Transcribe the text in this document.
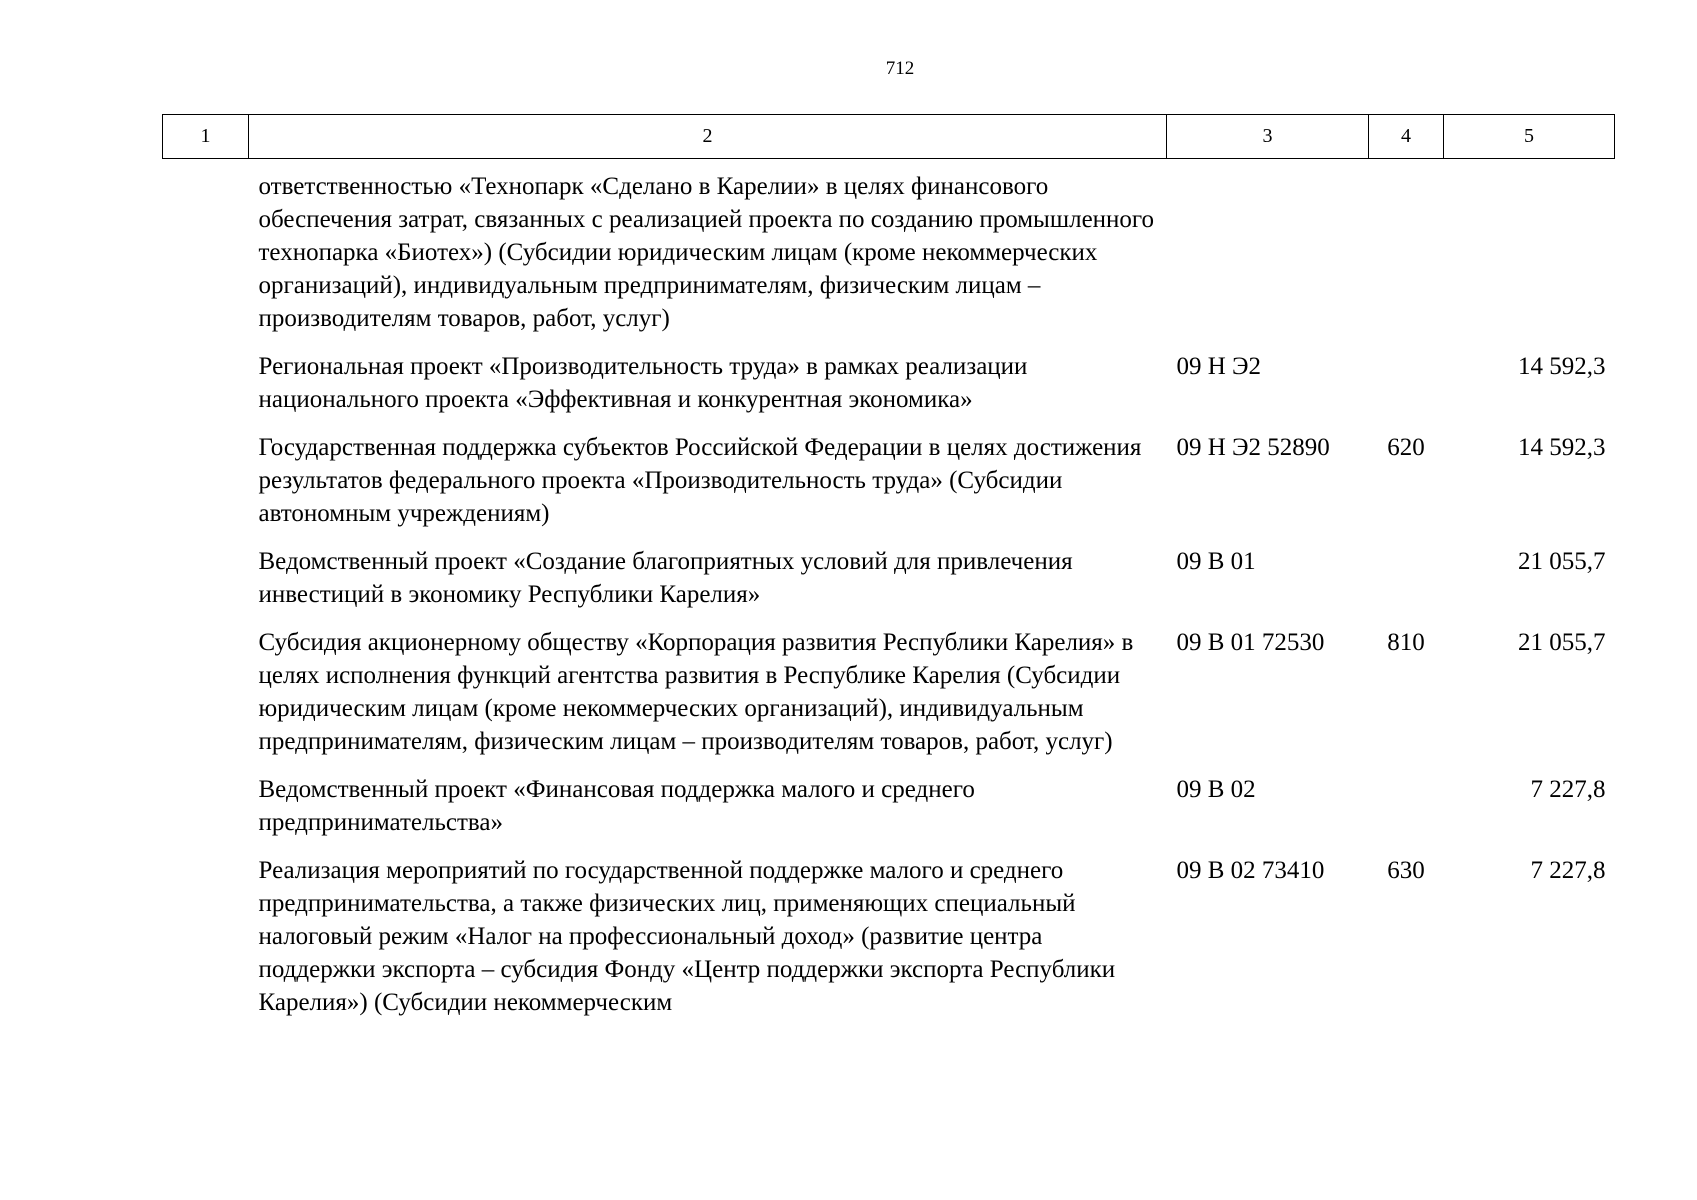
712
1	2	3	4	5
ответственностью «Технопарк «Сделано в Карелии» в целях финансового обеспечения затрат, связанных с реализацией проекта по созданию промышленного технопарка «Биотех») (Субсидии юридическим лицам (кроме некоммерческих организаций), индивидуальным предпринимателям, физическим лицам – производителям товаров, работ, услуг)				
Региональная проект «Производительность труда» в рамках реализации национального проекта «Эффективная и конкурентная экономика»		09 Н Э2		14 592,3
Государственная поддержка субъектов Российской Федерации в целях достижения результатов федерального проекта «Производительность труда» (Субсидии автономным учреждениям)		09 Н Э2 52890	620	14 592,3
Ведомственный проект «Создание благоприятных условий для привлечения инвестиций в экономику Республики Карелия»		09 В 01		21 055,7
Субсидия акционерному обществу «Корпорация развития Республики Карелия» в целях исполнения функций агентства развития в Республике Карелия (Субсидии юридическим лицам (кроме некоммерческих организаций), индивидуальным предпринимателям, физическим лицам – производителям товаров, работ, услуг)		09 В 01 72530	810	21 055,7
Ведомственный проект «Финансовая поддержка малого и среднего предпринимательства»		09 В 02		7 227,8
Реализация мероприятий по государственной поддержке малого и среднего предпринимательства, а также физических лиц, применяющих специальный налоговый режим «Налог на профессиональный доход» (развитие центра поддержки экспорта – субсидия Фонду «Центр поддержки экспорта Республики Карелия») (Субсидии некоммерческим		09 В 02 73410	630	7 227,8
